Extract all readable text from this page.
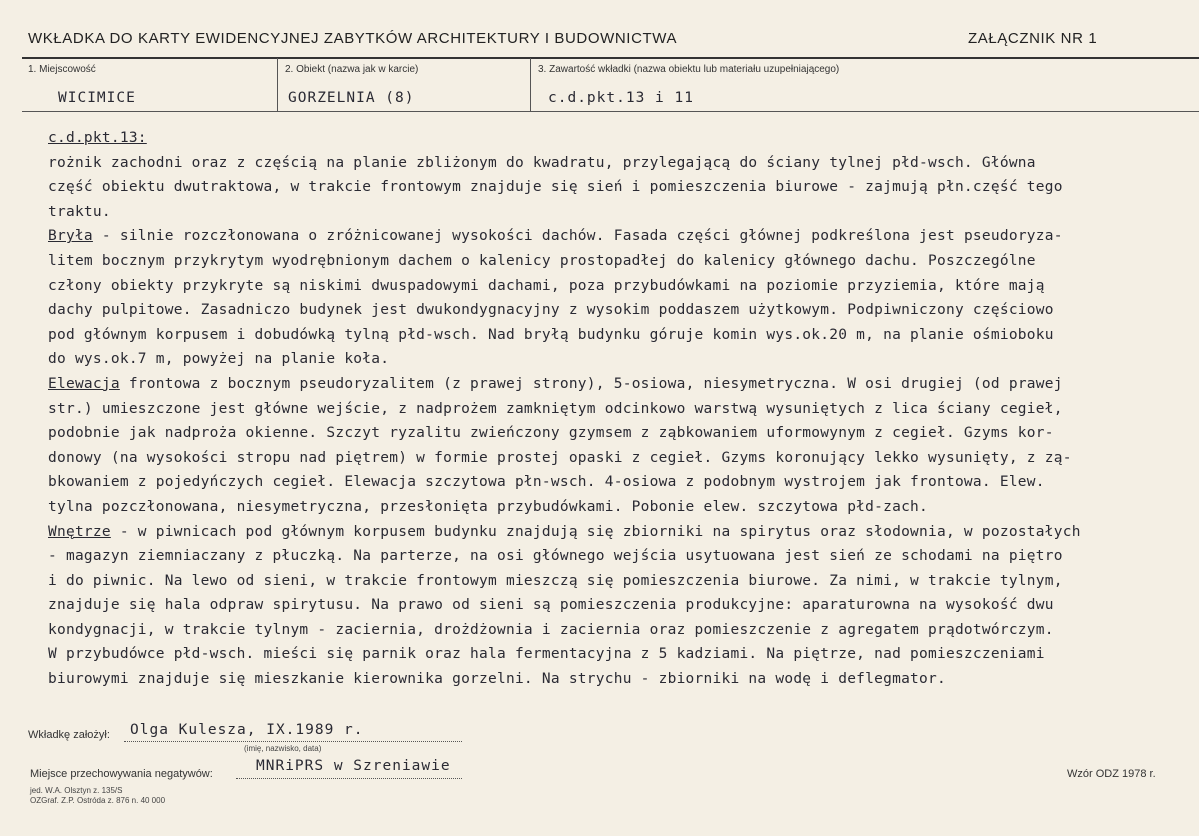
WKŁADKA DO KARTY EWIDENCYJNEJ ZABYTKÓW ARCHITEKTURY I BUDOWNICTWA	ZAŁĄCZNIK NR 1
1. Miejscowość
WICIMICE
2. Obiekt (nazwa jak w karcie)
GORZELNIA (8)
3. Zawartość wkładki (nazwa obiektu lub materiału uzupełniającego)
c.d.pkt.13 i 11
c.d.pkt.13:
rożnik zachodni oraz z częścią na planie zbliżonym do kwadratu, przylegającą do ściany tylnej płd-wsch. Główna
część obiektu dwutraktowa, w trakcie frontowym znajduje się sień i pomieszczenia biurowe - zajmują płn.część tego
traktu.
Bryła - silnie rozczłonowana o zróżnicowanej wysokości dachów. Fasada części głównej podkreślona jest pseudoryza-
litem bocznym przykrytym wyodrębnionym dachem o kalenicy prostopadłej do kalenicy głównego dachu. Poszczególne
człony obiekty przykryte są niskimi dwuspadowymi dachami, poza przybudówkami na poziomie przyziemia, które mają
dachy pulpitowe. Zasadniczo budynek jest dwukondygnacyjny z wysokim poddaszem użytkowym. Podpiwniczony częściowo
pod głównym korpusem i dobudówką tylną płd-wsch. Nad bryłą budynku góruje komin wys.ok.20 m, na planie ośmioboku
do wys.ok.7 m, powyżej na planie koła.
Elewacja frontowa z bocznym pseudoryzalitem (z prawej strony), 5-osiowa, niesymetryczna. W osi drugiej (od prawej
str.) umieszczone jest główne wejście, z nadprożem zamkniętym odcinkowo warstwą wysuniętych z lica ściany cegieł,
podobnie jak nadproża okienne. Szczyt ryzalitu zwieńczony gzymsem z ząbkowaniem uformowynym z cegieł. Gzyms kor-
donowy (na wysokości stropu nad piętrem) w formie prostej opaski z cegieł. Gzyms koronujący lekko wysunięty, z zą-
bkowaniem z pojedyńczych cegieł. Elewacja szczytowa płn-wsch. 4-osiowa z podobnym wystrojem jak frontowa. Elew.
tylna pozczłonowana, niesymetryczna, przesłonięta przybudówkami. Pobonie elew. szczytowa płd-zach.
Wnętrze - w piwnicach pod głównym korpusem budynku znajdują się zbiorniki na spirytus oraz słodownia, w pozostałych
- magazyn ziemniaczany z płuczką. Na parterze, na osi głównego wejścia usytuowana jest sień ze schodami na piętro
i do piwnic. Na lewo od sieni, w trakcie frontowym mieszczą się pomieszczenia biurowe. Za nimi, w trakcie tylnym,
znajduje się hala odpraw spirytusu. Na prawo od sieni są pomieszczenia produkcyjne: aparaturowna na wysokość dwu
kondygnacji, w trakcie tylnym - zaciernia, drożdżownia i zaciernia oraz pomieszczenie z agregatem prądotwórczym.
W przybudówce płd-wsch. mieści się parnik oraz hala fermentacyjna z 5 kadziami. Na piętrze, nad pomieszczeniami
biurowymi znajduje się mieszkanie kierownika gorzelni. Na strychu - zbiorniki na wodę i deflegmator.
Wkładkę założył: Olga Kulesza, IX.1989 r.
(imię, nazwisko, data)
Miejsce przechowywania negatywów:	MNRiPRS w Szreniawie
jed. W.A. Olsztyn z. 135/S
OZGraf. Z.P. Ostróda z. 876 n. 40 000
Wzór ODZ 1978 r.
